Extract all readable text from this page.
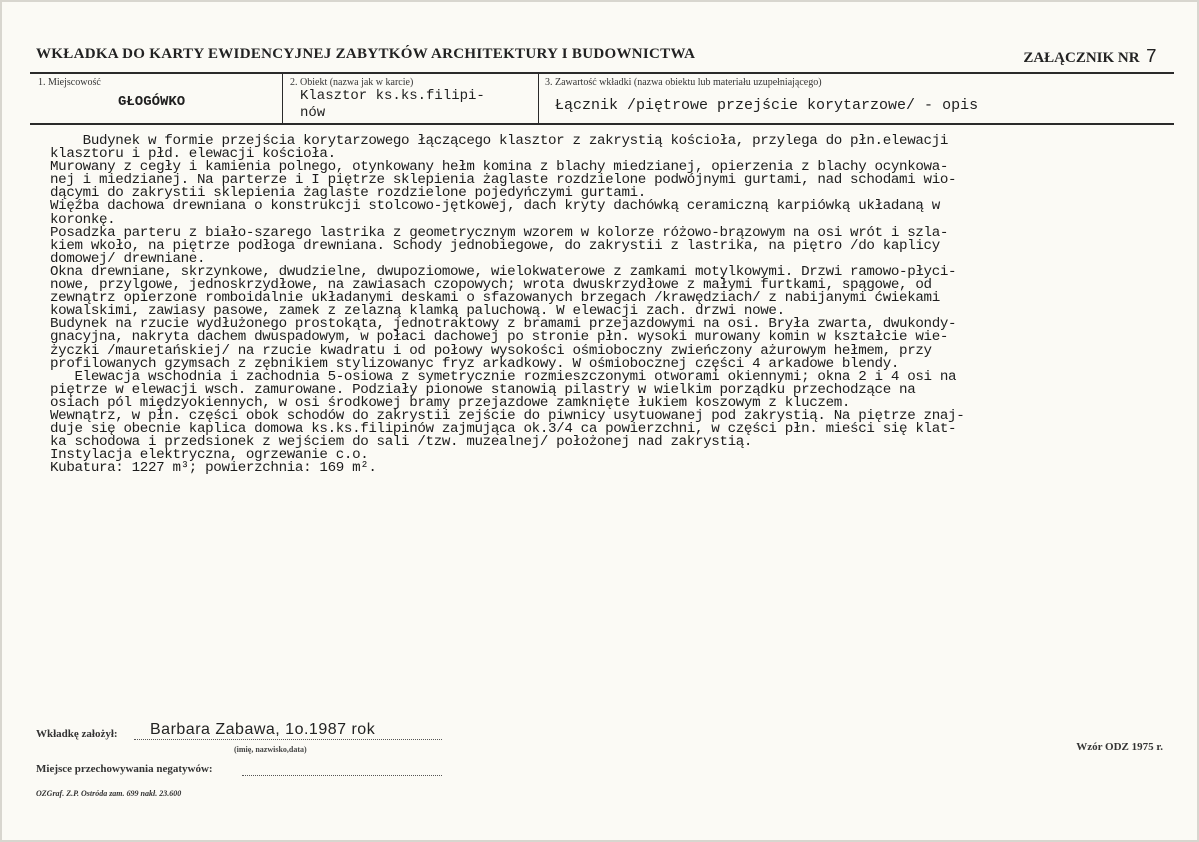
WKŁADKA DO KARTY EWIDENCYJNEJ ZABYTKÓW ARCHITEKTURY I BUDOWNICTWA	ZAŁĄCZNIK NR 7
1. Miejscowość
GŁOGÓWKO
2. Obiekt (nazwa jak w karcie)
Klasztor ks.ks.filipi-
nów
3. Zawartość wkładki (nazwa obiektu lub materiału uzupełniającego)
Łącznik /piętrowe przejście korytarzowe/ - opis
Budynek w formie przejścia korytarzowego łączącego klasztor z zakrystią kościoła, przylega do płn.elewacji
klasztoru i płd. elewacji kościoła.
Murowany z cegły i kamienia polnego, otynkowany hełm komina z blachy miedzianej, opierzenia z blachy ocynkowa-
nej i miedzianej. Na parterze i I piętrze sklepienia żaglaste rozdzielone podwójnymi gurtami, nad schodami wio-
dącymi do zakrystii sklepienia żaglaste rozdzielone pojedyńczymi gurtami.
Więźba dachowa drewniana o konstrukcji stolcowo-jętkowej, dach kryty dachówką ceramiczną karpiówką układaną w
koronkę.
Posadzka parteru z biało-szarego lastrika z geometrycznym wzorem w kolorze różowo-brązowym na osi wrót i szla-
kiem wkoło, na piętrze podłoga drewniana. Schody jednobiegowe, do zakrystii z lastrika, na piętro /do kaplicy
domowej/ drewniane.
Okna drewniane, skrzynkowe, dwudzielne, dwupoziomowe, wielokwaterowe z zamkami motylkowymi. Drzwi ramowo-płyci-
nowe, przylgowe, jednoskrzydłowe, na zawiasach czopowych; wrota dwuskrzydłowe z małymi furtkami, spągowe, od
zewnątrz opierzone romboidalnie układanymi deskami o sfazowanych brzegach /krawędziach/ z nabijanymi ćwiekami
kowalskimi, zawiasy pasowe, zamek z zelazną klamką paluchową. W elewacji zach. drzwi nowe.
Budynek na rzucie wydłużonego prostokąta, jednotraktowy z bramami przejazdowymi na osi. Bryła zwarta, dwukondy-
gnacyjna, nakryta dachem dwuspadowym, w połaci dachowej po stronie płn. wysoki murowany komin w kształcie wie-
życzki /mauretańskiej/ na rzucie kwadratu i od połowy wysokości ośmioboczny zwieńczony ażurowym hełmem, przy
profilowanych gzymsach z zębnikiem stylizowanyc fryz arkadkowy. W ośmiobocznej części 4 arkadowe blendy.
Elewacja wschodnia i zachodnia 5-osiowa z symetrycznie rozmieszczonymi otworami okiennymi; okna 2 i 4 osi na
piętrze w elewacji wsch. zamurowane. Podziały pionowe stanowią pilastry w wielkim porządku przechodzące na
osiach pól międzyokiennych, w osi środkowej bramy przejazdowe zamknięte łukiem koszowym z kluczem.
Wewnątrz, w płn. części obok schodów do zakrystii zejście do piwnicy usytuowanej pod zakrystią. Na piętrze znaj-
duje się obecnie kaplica domowa ks.ks.filipinów zajmująca ok.3/4 ca powierzchni, w części płn. mieści się klat-
ka schodowa i przedsionek z wejściem do sali /tzw. muzealnej/ położonej nad zakrystią.
Instylacja elektryczna, ogrzewanie c.o.
Kubatura: 1227 m³; powierzchnia: 169 m².
Wkładkę założył: Barbara Zabawa, 1o.1987 rok
(imię, nazwisko,data)
Miejsce przechowywania negatywów:
Wzór ODZ 1975 r.
OZGraf. Z.P. Ostróda zam. 699 nakł. 23.600
